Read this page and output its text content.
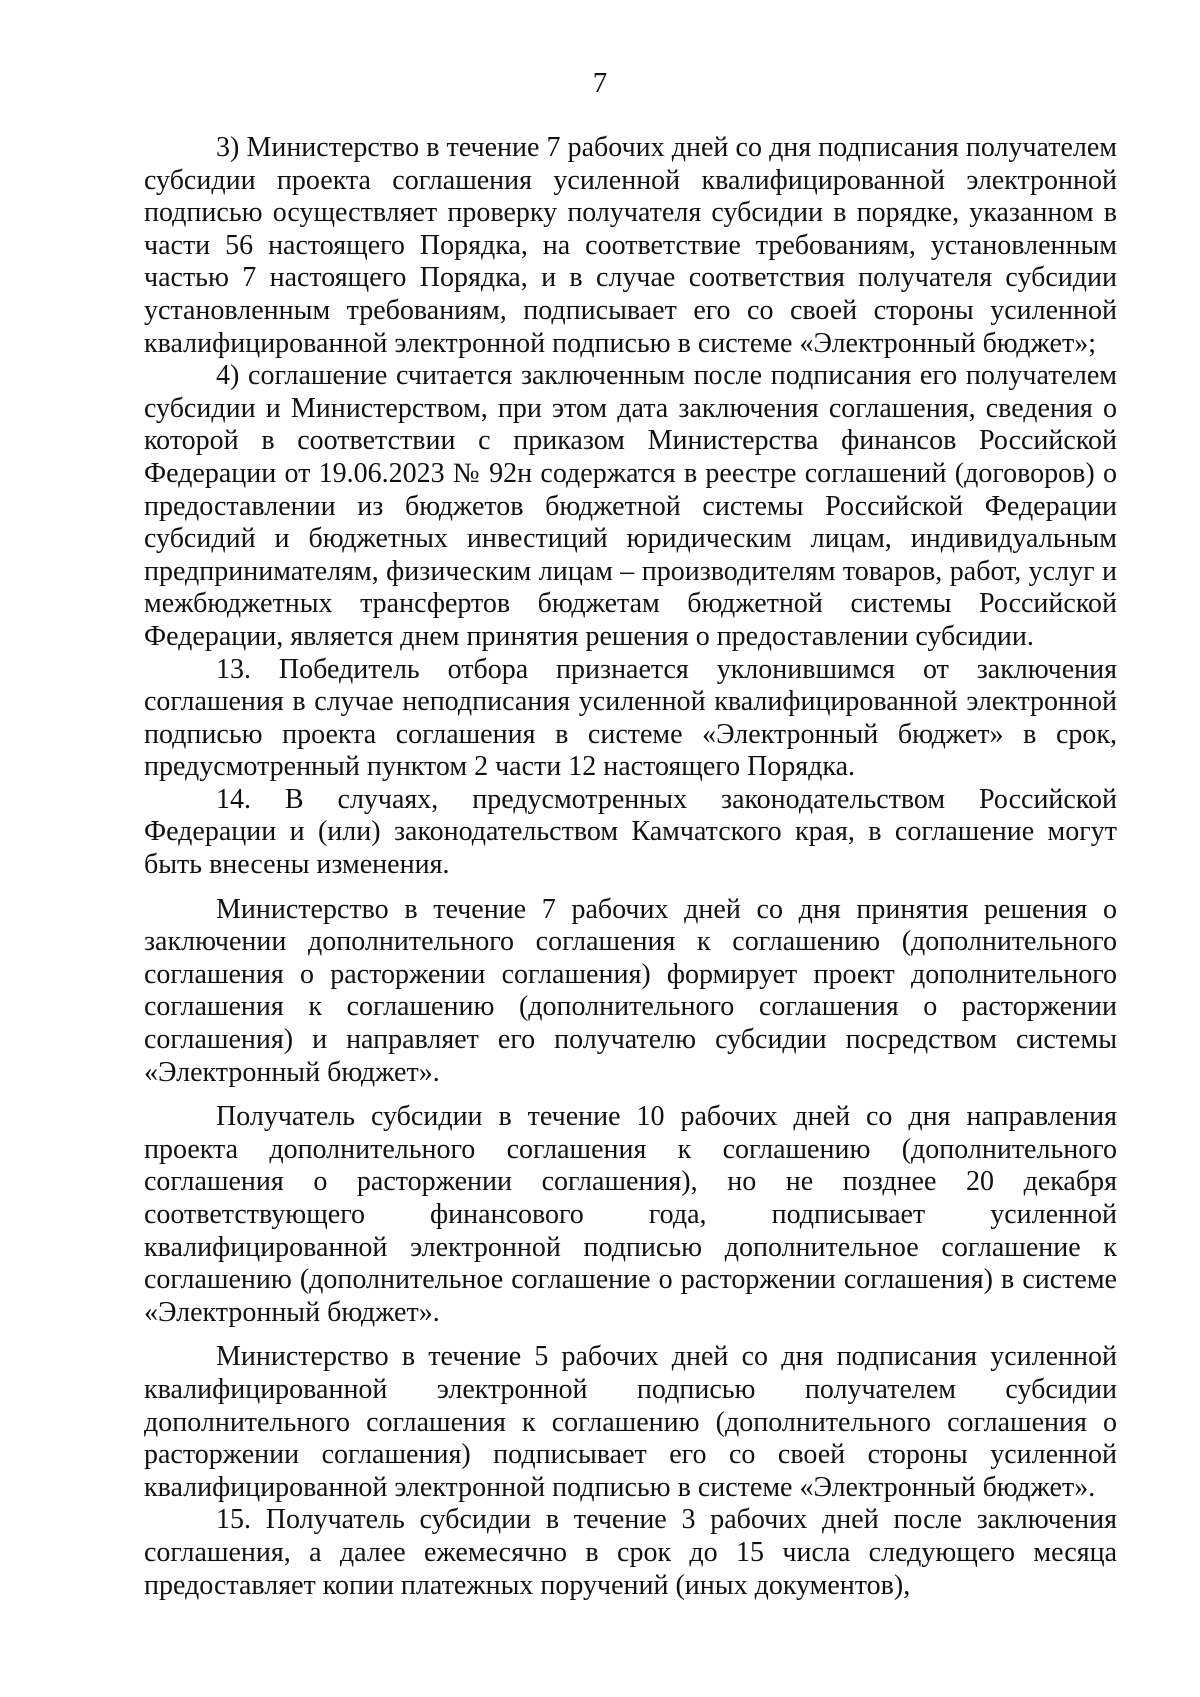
7

3) Министерство в течение 7 рабочих дней со дня подписания получателем субсидии проекта соглашения усиленной квалифицированной электронной подписью осуществляет проверку получателя субсидии в порядке, указанном в части 56 настоящего Порядка, на соответствие требованиям, установленным частью 7 настоящего Порядка, и в случае соответствия получателя субсидии установленным требованиям, подписывает его со своей стороны усиленной квалифицированной электронной подписью в системе «Электронный бюджет»;

4) соглашение считается заключенным после подписания его получателем субсидии и Министерством, при этом дата заключения соглашения, сведения о которой в соответствии с приказом Министерства финансов Российской Федерации от 19.06.2023 № 92н содержатся в реестре соглашений (договоров) о предоставлении из бюджетов бюджетной системы Российской Федерации субсидий и бюджетных инвестиций юридическим лицам, индивидуальным предпринимателям, физическим лицам – производителям товаров, работ, услуг и межбюджетных трансфертов бюджетам бюджетной системы Российской Федерации, является днем принятия решения о предоставлении субсидии.

13. Победитель отбора признается уклонившимся от заключения соглашения в случае неподписания усиленной квалифицированной электронной подписью проекта соглашения в системе «Электронный бюджет» в срок, предусмотренный пунктом 2 части 12 настоящего Порядка.

14. В случаях, предусмотренных законодательством Российской Федерации и (или) законодательством Камчатского края, в соглашение могут быть внесены изменения.

Министерство в течение 7 рабочих дней со дня принятия решения о заключении дополнительного соглашения к соглашению (дополнительного соглашения о расторжении соглашения) формирует проект дополнительного соглашения к соглашению (дополнительного соглашения о расторжении соглашения) и направляет его получателю субсидии посредством системы «Электронный бюджет».

Получатель субсидии в течение 10 рабочих дней со дня направления проекта дополнительного соглашения к соглашению (дополнительного соглашения о расторжении соглашения), но не позднее 20 декабря соответствующего финансового года, подписывает усиленной квалифицированной электронной подписью дополнительное соглашение к соглашению (дополнительное соглашение о расторжении соглашения) в системе «Электронный бюджет».

Министерство в течение 5 рабочих дней со дня подписания усиленной квалифицированной электронной подписью получателем субсидии дополнительного соглашения к соглашению (дополнительного соглашения о расторжении соглашения) подписывает его со своей стороны усиленной квалифицированной электронной подписью в системе «Электронный бюджет».

15. Получатель субсидии в течение 3 рабочих дней после заключения соглашения, а далее ежемесячно в срок до 15 числа следующего месяца предоставляет копии платежных поручений (иных документов),
